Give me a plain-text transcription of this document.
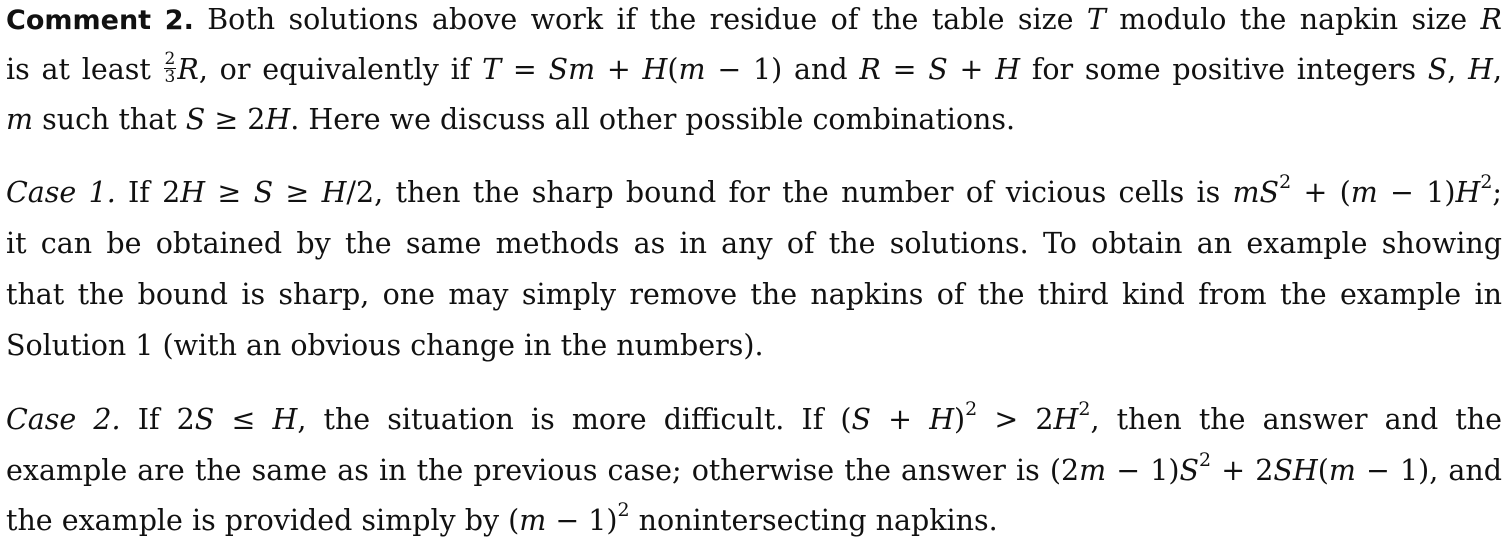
Comment 2. Both solutions above work if the residue of the table size T modulo the napkin size R
is at least $\frac{2}{3} R$, or equivalently if T = Sm + H(m − 1) and R = S + H for some positive integers S, H,
m such that S ≥ 2H. Here we discuss all other possible combinations.
Case 1. If 2H ≥ S ≥ H/2, then the sharp bound for the number of vicious cells is $mS^2 + (m - 1)H^2$;
it can be obtained by the same methods as in any of the solutions. To obtain an example showing
that the bound is sharp, one may simply remove the napkins of the third kind from the example in
Solution 1 (with an obvious change in the numbers).
Case 2. If 2S ≤ H, the situation is more difficult. If $(S + H)^2 > 2H^2$, then the answer and the
example are the same as in the previous case; otherwise the answer is $(2m - 1)S^2 + 2SH(m - 1)$, and
the example is provided simply by $(m - 1)^2$ nonintersecting napkins.
